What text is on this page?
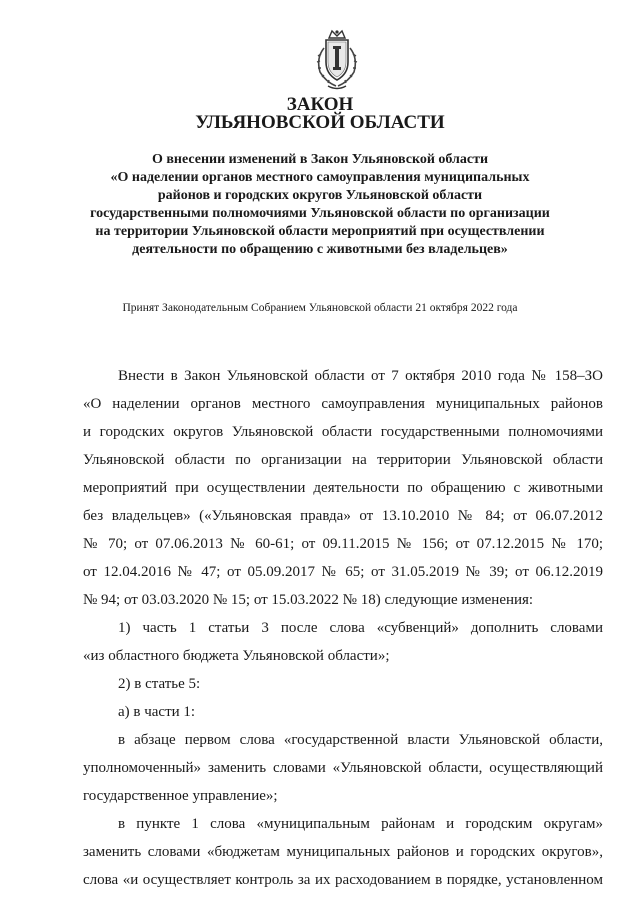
ЗАКОН
УЛЬЯНОВСКОЙ ОБЛАСТИ
О внесении изменений в Закон Ульяновской области
«О наделении органов местного самоуправления муниципальных
районов и городских округов Ульяновской области
государственными полномочиями Ульяновской области по организации
на территории Ульяновской области мероприятий при осуществлении
деятельности по обращению с животными без владельцев»
Принят Законодательным Собранием Ульяновской области 21 октября 2022 года
Внести в Закон Ульяновской области от 7 октября 2010 года № 158–ЗО
«О наделении органов местного самоуправления муниципальных районов
и городских округов Ульяновской области государственными полномочиями
Ульяновской области по организации на территории Ульяновской области
мероприятий при осуществлении деятельности по обращению с животными
без владельцев» («Ульяновская правда» от 13.10.2010 № 84; от 06.07.2012
№ 70; от 07.06.2013 № 60-61; от 09.11.2015 № 156; от 07.12.2015 № 170;
от 12.04.2016 № 47; от 05.09.2017 № 65; от 31.05.2019 № 39; от 06.12.2019
№ 94; от 03.03.2020 № 15; от 15.03.2022 № 18) следующие изменения:
1) часть 1 статьи 3 после слова «субвенций» дополнить словами
«из областного бюджета Ульяновской области»;
2) в статье 5:
а) в части 1:
в абзаце первом слова «государственной власти Ульяновской области,
уполномоченный» заменить словами «Ульяновской области, осуществляющий
государственное управление»;
в пункте 1 слова «муниципальным районам и городским округам»
заменить словами «бюджетам муниципальных районов и городских округов»,
слова «и осуществляет контроль за их расходованием в порядке, установленном
